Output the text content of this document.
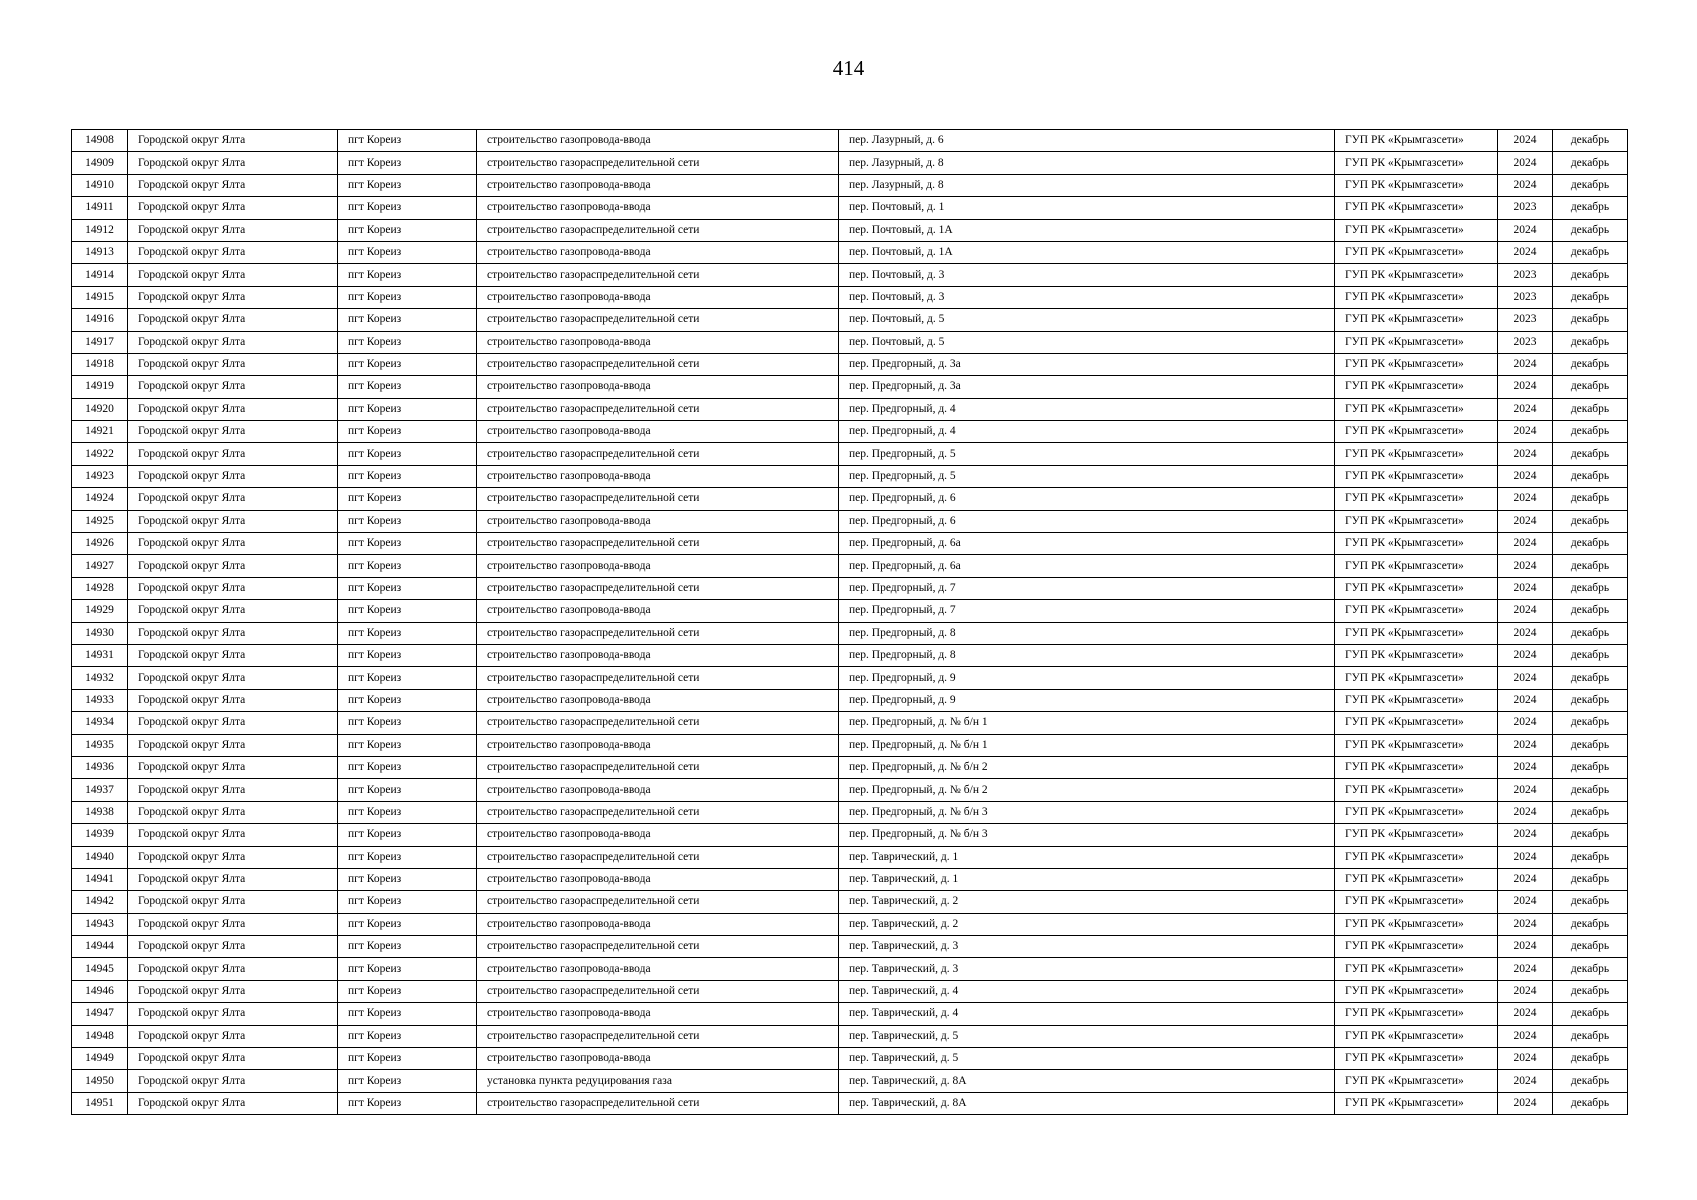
414
14908	Городской округ Ялта	пгт Кореиз	строительство газопровода-ввода	пер. Лазурный, д. 6	ГУП РК «Крымгазсети»	2024	декабрь
14909	Городской округ Ялта	пгт Кореиз	строительство газораспределительной сети	пер. Лазурный, д. 8	ГУП РК «Крымгазсети»	2024	декабрь
14910	Городской округ Ялта	пгт Кореиз	строительство газопровода-ввода	пер. Лазурный, д. 8	ГУП РК «Крымгазсети»	2024	декабрь
14911	Городской округ Ялта	пгт Кореиз	строительство газопровода-ввода	пер. Почтовый, д. 1	ГУП РК «Крымгазсети»	2023	декабрь
14912	Городской округ Ялта	пгт Кореиз	строительство газораспределительной сети	пер. Почтовый, д. 1А	ГУП РК «Крымгазсети»	2024	декабрь
14913	Городской округ Ялта	пгт Кореиз	строительство газопровода-ввода	пер. Почтовый, д. 1А	ГУП РК «Крымгазсети»	2024	декабрь
14914	Городской округ Ялта	пгт Кореиз	строительство газораспределительной сети	пер. Почтовый, д. 3	ГУП РК «Крымгазсети»	2023	декабрь
14915	Городской округ Ялта	пгт Кореиз	строительство газопровода-ввода	пер. Почтовый, д. 3	ГУП РК «Крымгазсети»	2023	декабрь
14916	Городской округ Ялта	пгт Кореиз	строительство газораспределительной сети	пер. Почтовый, д. 5	ГУП РК «Крымгазсети»	2023	декабрь
14917	Городской округ Ялта	пгт Кореиз	строительство газопровода-ввода	пер. Почтовый, д. 5	ГУП РК «Крымгазсети»	2023	декабрь
14918	Городской округ Ялта	пгт Кореиз	строительство газораспределительной сети	пер. Предгорный, д. 3а	ГУП РК «Крымгазсети»	2024	декабрь
14919	Городской округ Ялта	пгт Кореиз	строительство газопровода-ввода	пер. Предгорный, д. 3а	ГУП РК «Крымгазсети»	2024	декабрь
14920	Городской округ Ялта	пгт Кореиз	строительство газораспределительной сети	пер. Предгорный, д. 4	ГУП РК «Крымгазсети»	2024	декабрь
14921	Городской округ Ялта	пгт Кореиз	строительство газопровода-ввода	пер. Предгорный, д. 4	ГУП РК «Крымгазсети»	2024	декабрь
14922	Городской округ Ялта	пгт Кореиз	строительство газораспределительной сети	пер. Предгорный, д. 5	ГУП РК «Крымгазсети»	2024	декабрь
14923	Городской округ Ялта	пгт Кореиз	строительство газопровода-ввода	пер. Предгорный, д. 5	ГУП РК «Крымгазсети»	2024	декабрь
14924	Городской округ Ялта	пгт Кореиз	строительство газораспределительной сети	пер. Предгорный, д. 6	ГУП РК «Крымгазсети»	2024	декабрь
14925	Городской округ Ялта	пгт Кореиз	строительство газопровода-ввода	пер. Предгорный, д. 6	ГУП РК «Крымгазсети»	2024	декабрь
14926	Городской округ Ялта	пгт Кореиз	строительство газораспределительной сети	пер. Предгорный, д. 6а	ГУП РК «Крымгазсети»	2024	декабрь
14927	Городской округ Ялта	пгт Кореиз	строительство газопровода-ввода	пер. Предгорный, д. 6а	ГУП РК «Крымгазсети»	2024	декабрь
14928	Городской округ Ялта	пгт Кореиз	строительство газораспределительной сети	пер. Предгорный, д. 7	ГУП РК «Крымгазсети»	2024	декабрь
14929	Городской округ Ялта	пгт Кореиз	строительство газопровода-ввода	пер. Предгорный, д. 7	ГУП РК «Крымгазсети»	2024	декабрь
14930	Городской округ Ялта	пгт Кореиз	строительство газораспределительной сети	пер. Предгорный, д. 8	ГУП РК «Крымгазсети»	2024	декабрь
14931	Городской округ Ялта	пгт Кореиз	строительство газопровода-ввода	пер. Предгорный, д. 8	ГУП РК «Крымгазсети»	2024	декабрь
14932	Городской округ Ялта	пгт Кореиз	строительство газораспределительной сети	пер. Предгорный, д. 9	ГУП РК «Крымгазсети»	2024	декабрь
14933	Городской округ Ялта	пгт Кореиз	строительство газопровода-ввода	пер. Предгорный, д. 9	ГУП РК «Крымгазсети»	2024	декабрь
14934	Городской округ Ялта	пгт Кореиз	строительство газораспределительной сети	пер. Предгорный, д. № б/н 1	ГУП РК «Крымгазсети»	2024	декабрь
14935	Городской округ Ялта	пгт Кореиз	строительство газопровода-ввода	пер. Предгорный, д. № б/н 1	ГУП РК «Крымгазсети»	2024	декабрь
14936	Городской округ Ялта	пгт Кореиз	строительство газораспределительной сети	пер. Предгорный, д. № б/н 2	ГУП РК «Крымгазсети»	2024	декабрь
14937	Городской округ Ялта	пгт Кореиз	строительство газопровода-ввода	пер. Предгорный, д. № б/н 2	ГУП РК «Крымгазсети»	2024	декабрь
14938	Городской округ Ялта	пгт Кореиз	строительство газораспределительной сети	пер. Предгорный, д. № б/н 3	ГУП РК «Крымгазсети»	2024	декабрь
14939	Городской округ Ялта	пгт Кореиз	строительство газопровода-ввода	пер. Предгорный, д. № б/н 3	ГУП РК «Крымгазсети»	2024	декабрь
14940	Городской округ Ялта	пгт Кореиз	строительство газораспределительной сети	пер. Таврический, д. 1	ГУП РК «Крымгазсети»	2024	декабрь
14941	Городской округ Ялта	пгт Кореиз	строительство газопровода-ввода	пер. Таврический, д. 1	ГУП РК «Крымгазсети»	2024	декабрь
14942	Городской округ Ялта	пгт Кореиз	строительство газораспределительной сети	пер. Таврический, д. 2	ГУП РК «Крымгазсети»	2024	декабрь
14943	Городской округ Ялта	пгт Кореиз	строительство газопровода-ввода	пер. Таврический, д. 2	ГУП РК «Крымгазсети»	2024	декабрь
14944	Городской округ Ялта	пгт Кореиз	строительство газораспределительной сети	пер. Таврический, д. 3	ГУП РК «Крымгазсети»	2024	декабрь
14945	Городской округ Ялта	пгт Кореиз	строительство газопровода-ввода	пер. Таврический, д. 3	ГУП РК «Крымгазсети»	2024	декабрь
14946	Городской округ Ялта	пгт Кореиз	строительство газораспределительной сети	пер. Таврический, д. 4	ГУП РК «Крымгазсети»	2024	декабрь
14947	Городской округ Ялта	пгт Кореиз	строительство газопровода-ввода	пер. Таврический, д. 4	ГУП РК «Крымгазсети»	2024	декабрь
14948	Городской округ Ялта	пгт Кореиз	строительство газораспределительной сети	пер. Таврический, д. 5	ГУП РК «Крымгазсети»	2024	декабрь
14949	Городской округ Ялта	пгт Кореиз	строительство газопровода-ввода	пер. Таврический, д. 5	ГУП РК «Крымгазсети»	2024	декабрь
14950	Городской округ Ялта	пгт Кореиз	установка пункта редуцирования газа	пер. Таврический, д. 8А	ГУП РК «Крымгазсети»	2024	декабрь
14951	Городской округ Ялта	пгт Кореиз	строительство газораспределительной сети	пер. Таврический, д. 8А	ГУП РК «Крымгазсети»	2024	декабрь
